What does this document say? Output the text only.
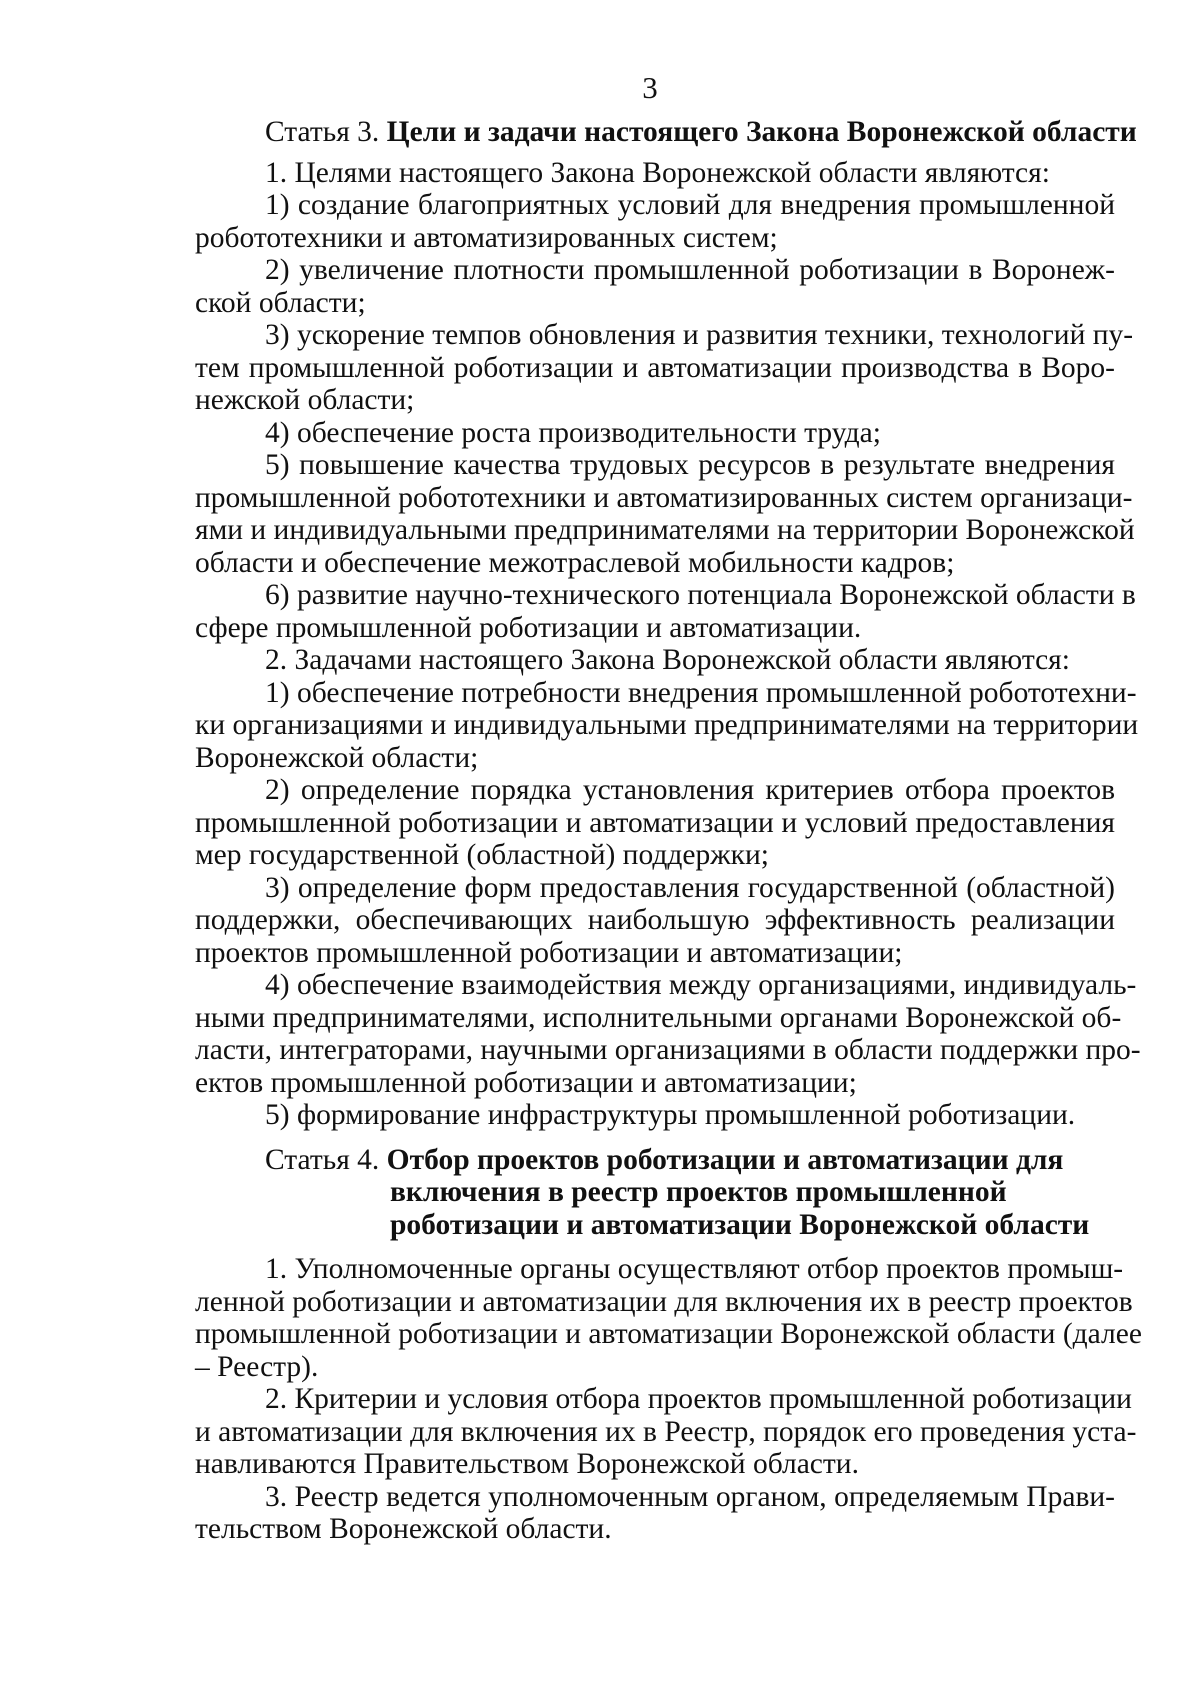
3
Статья 3. Цели и задачи настоящего Закона Воронежской области
1. Целями настоящего Закона Воронежской области являются:
1) создание благоприятных условий для внедрения промышленной
робототехники и автоматизированных систем;
2) увеличение плотности промышленной роботизации в Воронеж-
ской области;
3) ускорение темпов обновления и развития техники, технологий пу-
тем промышленной роботизации и автоматизации производства в Воро-
нежской области;
4) обеспечение роста производительности труда;
5) повышение качества трудовых ресурсов в результате внедрения
промышленной робототехники и автоматизированных систем организаци-
ями и индивидуальными предпринимателями на территории Воронежской
области и обеспечение межотраслевой мобильности кадров;
6) развитие научно-технического потенциала Воронежской области в
сфере промышленной роботизации и автоматизации.
2. Задачами настоящего Закона Воронежской области являются:
1) обеспечение потребности внедрения промышленной робототехни-
ки организациями и индивидуальными предпринимателями на территории
Воронежской области;
2) определение порядка установления критериев отбора проектов
промышленной роботизации и автоматизации и условий предоставления
мер государственной (областной) поддержки;
3) определение форм предоставления государственной (областной)
поддержки, обеспечивающих наибольшую эффективность реализации
проектов промышленной роботизации и автоматизации;
4) обеспечение взаимодействия между организациями, индивидуаль-
ными предпринимателями, исполнительными органами Воронежской об-
ласти, интеграторами, научными организациями в области поддержки про-
ектов промышленной роботизации и автоматизации;
5) формирование инфраструктуры промышленной роботизации.
Статья 4. Отбор проектов роботизации и автоматизации для
включения в реестр проектов промышленной
роботизации и автоматизации Воронежской области
1. Уполномоченные органы осуществляют отбор проектов промыш-
ленной роботизации и автоматизации для включения их в реестр проектов
промышленной роботизации и автоматизации Воронежской области (далее
– Реестр).
2. Критерии и условия отбора проектов промышленной роботизации
и автоматизации для включения их в Реестр, порядок его проведения уста-
навливаются Правительством Воронежской области.
3. Реестр ведется уполномоченным органом, определяемым Прави-
тельством Воронежской области.
